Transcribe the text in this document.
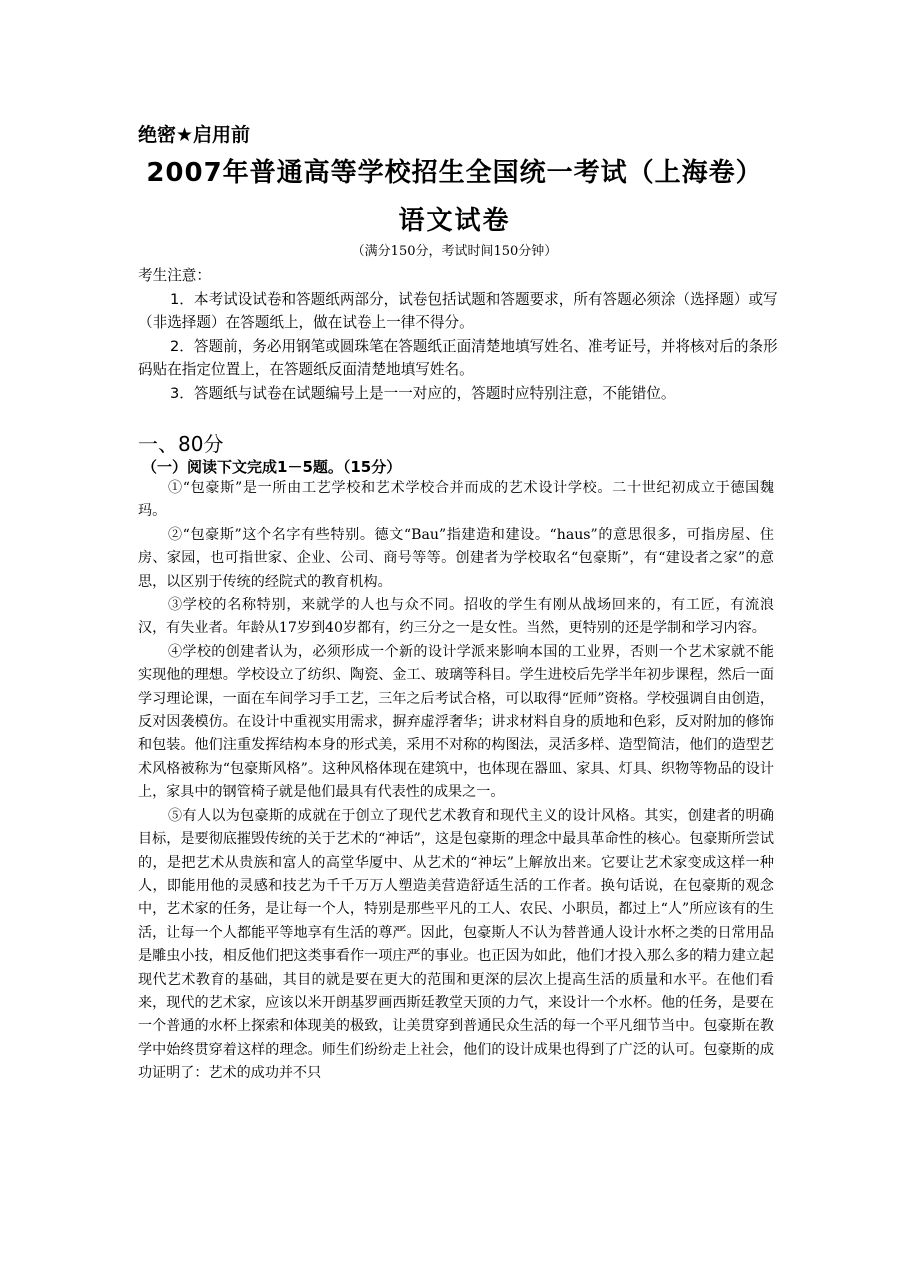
绝密★启用前
2007年普通高等学校招生全国统一考试（上海卷）
语文试卷
（满分150分，考试时间150分钟）

考生注意：

1．本考试设试卷和答题纸两部分，试卷包括试题和答题要求，所有答题必须涂（选择题）或写（非选择题）在答题纸上，做在试卷上一律不得分。

2．答题前，务必用钢笔或圆珠笔在答题纸正面清楚地填写姓名、准考证号，并将核对后的条形码贴在指定位置上，在答题纸反面清楚地填写姓名。

3．答题纸与试卷在试题编号上是一一对应的，答题时应特别注意，不能错位。

一、80分
（一）阅读下文完成1－5题。（15分）

①“包豪斯”是一所由工艺学校和艺术学校合并而成的艺术设计学校。二十世纪初成立于德国魏玛。

②“包豪斯”这个名字有些特别。德文“Bau”指建造和建设。“haus”的意思很多，可指房屋、住房、家园，也可指世家、企业、公司、商号等等。创建者为学校取名“包豪斯”，有“建设者之家”的意思，以区别于传统的经院式的教育机构。

③学校的名称特别，来就学的人也与众不同。招收的学生有刚从战场回来的，有工匠，有流浪汉，有失业者。年龄从17岁到40岁都有，约三分之一是女性。当然，更特别的还是学制和学习内容。

④学校的创建者认为，必须形成一个新的设计学派来影响本国的工业界，否则一个艺术家就不能实现他的理想。学校设立了纺织、陶瓷、金工、玻璃等科目。学生进校后先学半年初步课程，然后一面学习理论课，一面在车间学习手工艺，三年之后考试合格，可以取得“匠师”资格。学校强调自由创造，反对因袭模仿。在设计中重视实用需求，摒弃虚浮奢华；讲求材料自身的质地和色彩，反对附加的修饰和包装。他们注重发挥结构本身的形式美，采用不对称的构图法，灵活多样、造型简洁，他们的造型艺术风格被称为“包豪斯风格”。这种风格体现在建筑中，也体现在器皿、家具、灯具、织物等物品的设计上，家具中的钢管椅子就是他们最具有代表性的成果之一。

⑤有人以为包豪斯的成就在于创立了现代艺术教育和现代主义的设计风格。其实，创建者的明确目标，是要彻底摧毁传统的关于艺术的“神话”，这是包豪斯的理念中最具革命性的核心。包豪斯所尝试的，是把艺术从贵族和富人的高堂华厦中、从艺术的“神坛”上解放出来。它要让艺术家变成这样一种人，即能用他的灵感和技艺为千千万万人塑造美营造舒适生活的工作者。换句话说，在包豪斯的观念中，艺术家的任务，是让每一个人，特别是那些平凡的工人、农民、小职员，都过上“人”所应该有的生活，让每一个人都能平等地享有生活的尊严。因此，包豪斯人不认为替普通人设计水杯之类的日常用品是雕虫小技，相反他们把这类事看作一项庄严的事业。也正因为如此，他们才投入那么多的精力建立起现代艺术教育的基础，其目的就是要在更大的范围和更深的层次上提高生活的质量和水平。在他们看来，现代的艺术家，应该以米开朗基罗画西斯廷教堂天顶的力气，来设计一个水杯。他的任务，是要在一个普通的水杯上探索和体现美的极致，让美贯穿到普通民众生活的每一个平凡细节当中。包豪斯在教学中始终贯穿着这样的理念。师生们纷纷走上社会，他们的设计成果也得到了广泛的认可。包豪斯的成功证明了：艺术的成功并不只
